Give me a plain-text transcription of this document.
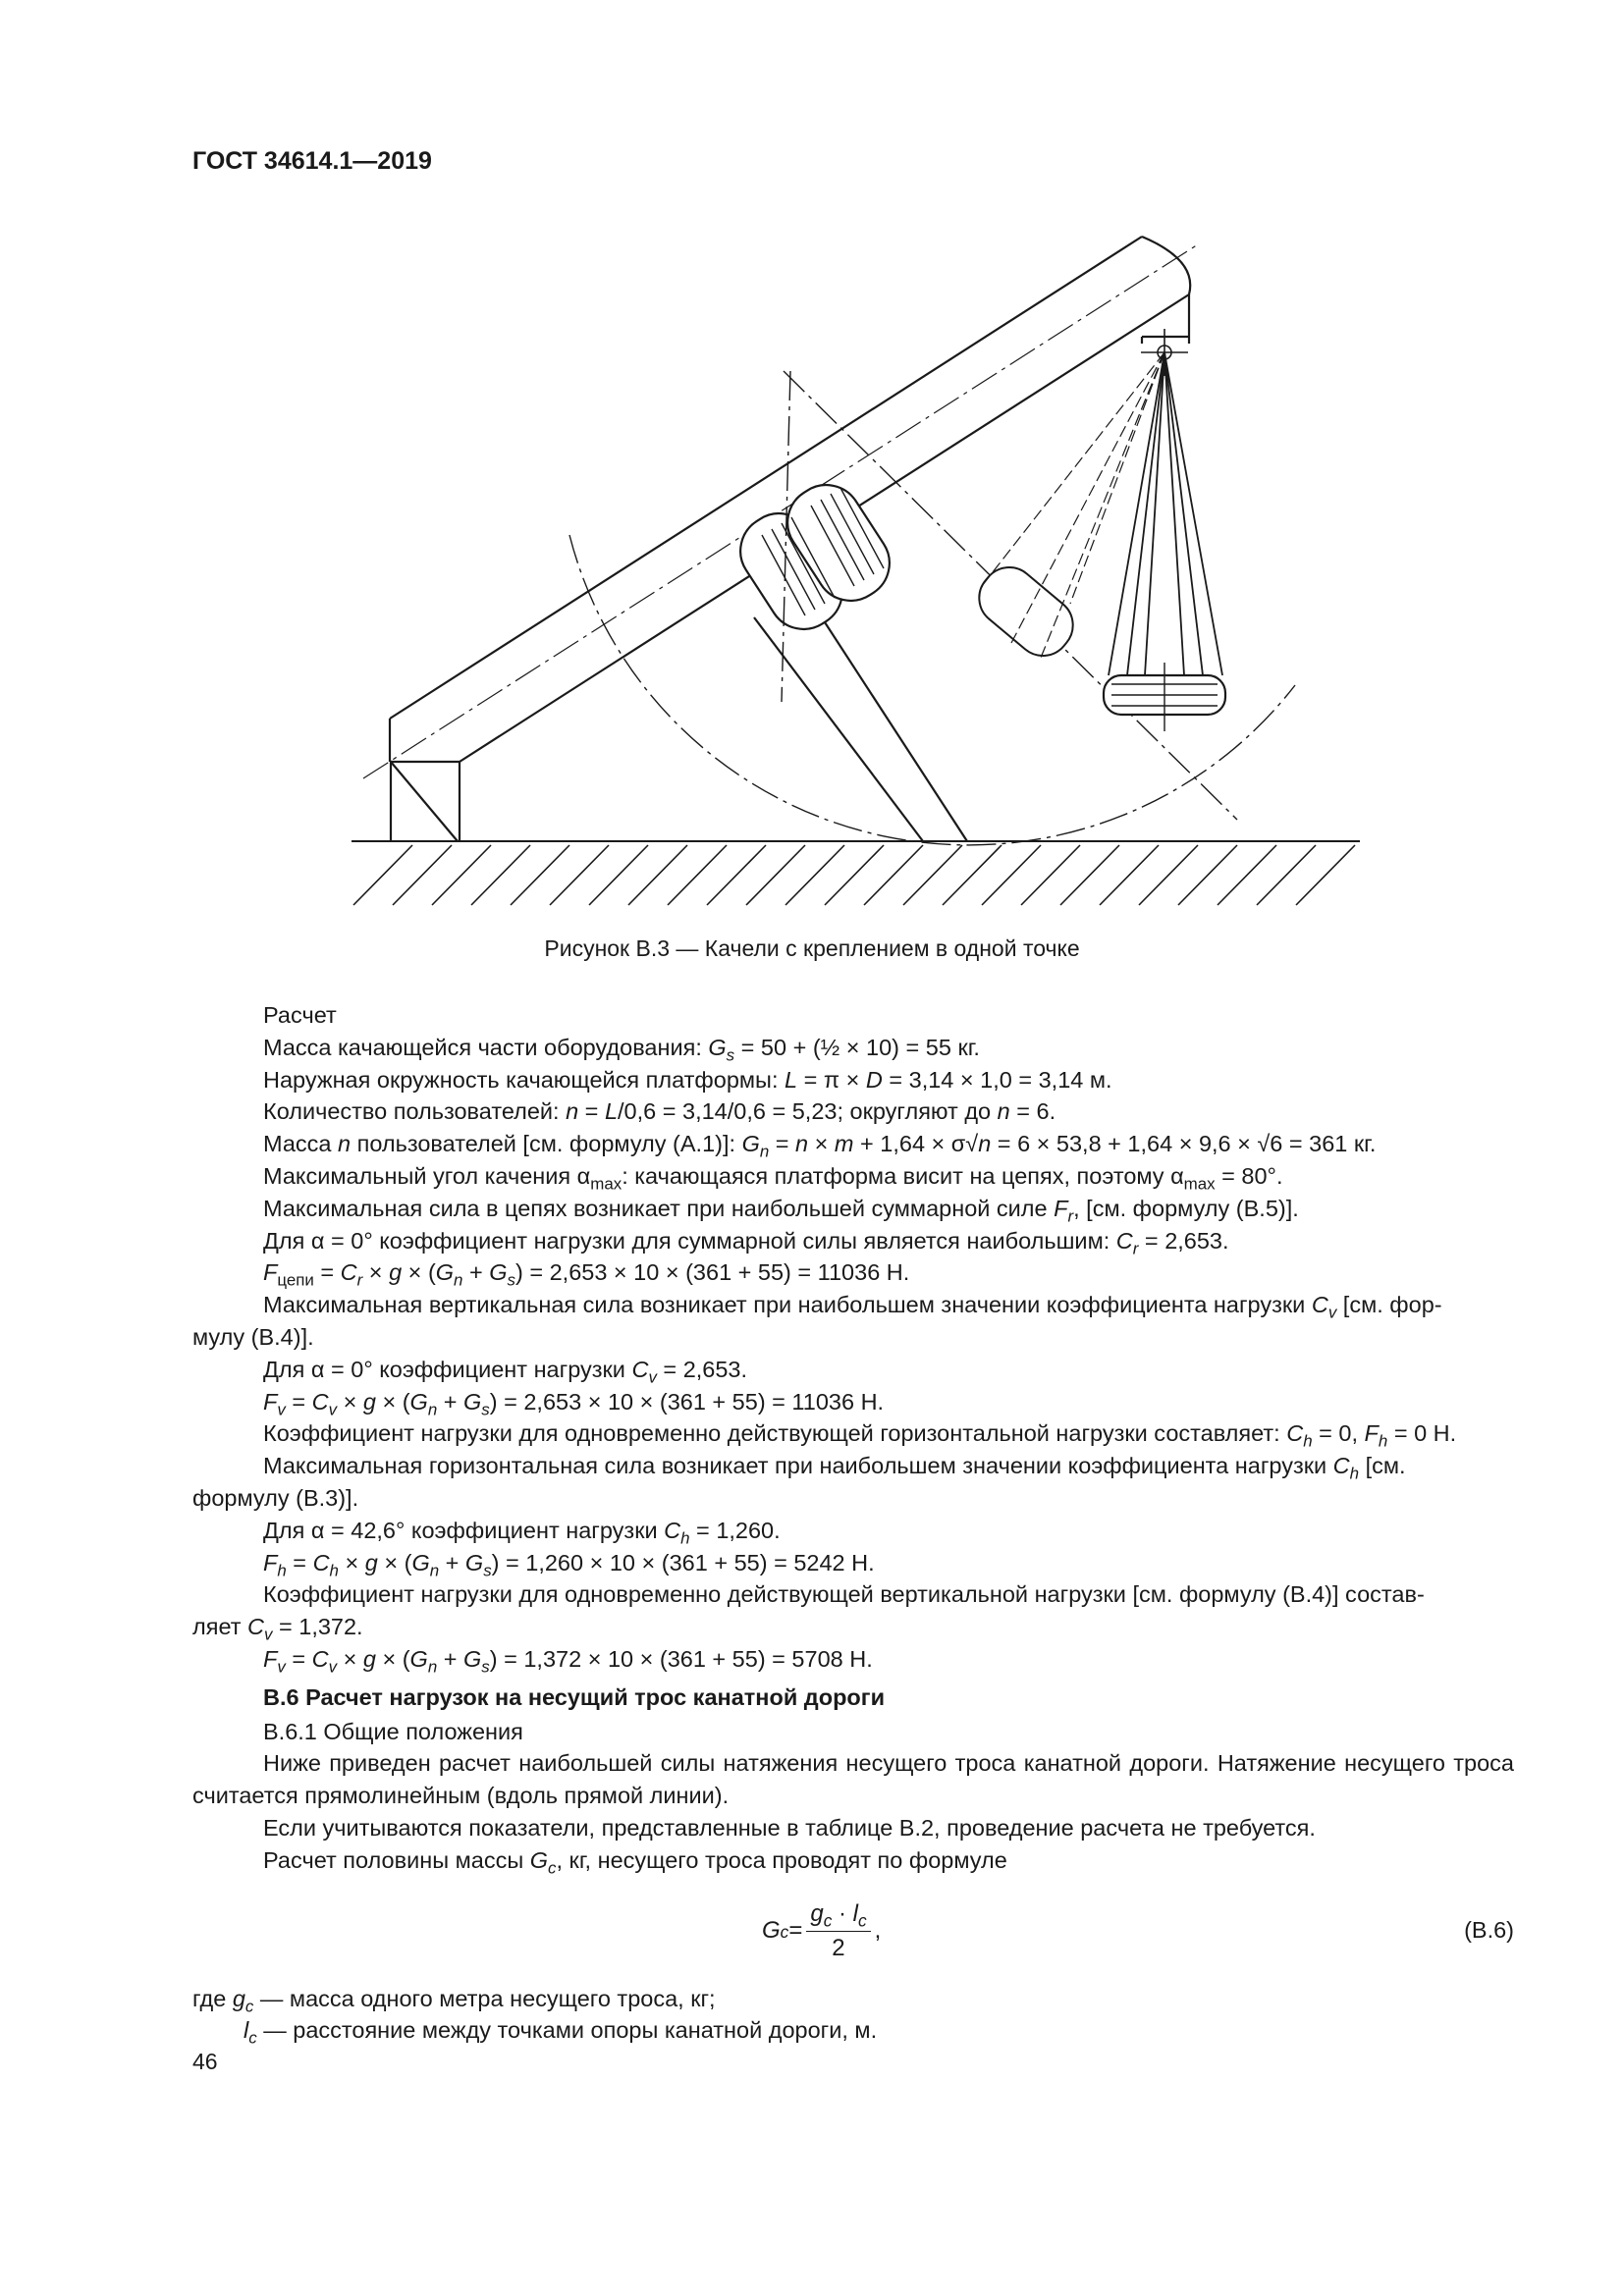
ГОСТ 34614.1—2019
Рисунок В.3 — Качели с креплением в одной точке

Расчет

Масса качающейся части оборудования: $G_s = 50$ + (½ × 10) = 55 кг.

Наружная окружность качающейся платформы: L = π × D = 3,14 × 1,0 = 3,14 м.

Количество пользователей: n = L/0,6 = 3,14/0,6 = 5,23; округляют до n = 6.

Масса n пользователей [см. формулу (А.1)]: $G_n = n \times m + 1,64 \times \sigma√n = 6 \times 53,8 + 1,64 \times 9,6 \times √6 = 361$ кг.

Максимальный угол качения $\alpha_{max}$: качающаяся платформа висит на цепях, поэтому $\alpha_{max} = 80^\circ$.

Максимальная сила в цепях возникает при наибольшей суммарной силе $F_r$, [см. формулу (В.5)].

Для α = 0° коэффициент нагрузки для суммарной силы является наибольшим: $C_r = 2,653$.

$F_{цепи} = C_r \times g \times (G_n + G_s) = 2,653 \times 10 \times (361 + 55) = 11036$ Н.

Максимальная вертикальная сила возникает при наибольшем значении коэффициента нагрузки $C_v$ [см. фор-

мулу (В.4)].

Для α = 0° коэффициент нагрузки $C_v = 2,653$.

$F_v = C_v \times g \times (G_n + G_s) = 2,653 \times 10 \times (361 + 55) = 11036$ Н.

Коэффициент нагрузки для одновременно действующей горизонтальной нагрузки составляет: $C_h = 0$, $F_h = 0$ Н.

Максимальная горизонтальная сила возникает при наибольшем значении коэффициента нагрузки $C_h$ [см.

формулу (В.3)].

Для α = 42,6° коэффициент нагрузки $C_h = 1,260$.

$F_h = C_h \times g \times (G_n + G_s) = 1,260 \times 10 \times (361 + 55) = 5242$ Н.

Коэффициент нагрузки для одновременно действующей вертикальной нагрузки [см. формулу (В.4)] состав-

ляет $C_v = 1,372$.

$F_v = C_v \times g \times (G_n + G_s) = 1,372 \times 10 \times (361 + 55) = 5708$ Н.

В.6 Расчет нагрузок на несущий трос канатной дороги

В.6.1 Общие положения

Ниже приведен расчет наибольшей силы натяжения несущего троса канатной дороги. Натяжение несущего троса считается прямолинейным (вдоль прямой линии).

Если учитываются показатели, представленные в таблице В.2, проведение расчета не требуется.

Расчет половины массы $G_c$, кг, несущего троса проводят по формуле

G $c = \frac{g_c \cdot l_c}{2}$ ,	(В.6)

где $g_c$ — масса одного метра несущего троса, кг;

$l_c$ — расстояние между точками опоры канатной дороги, м.

46
